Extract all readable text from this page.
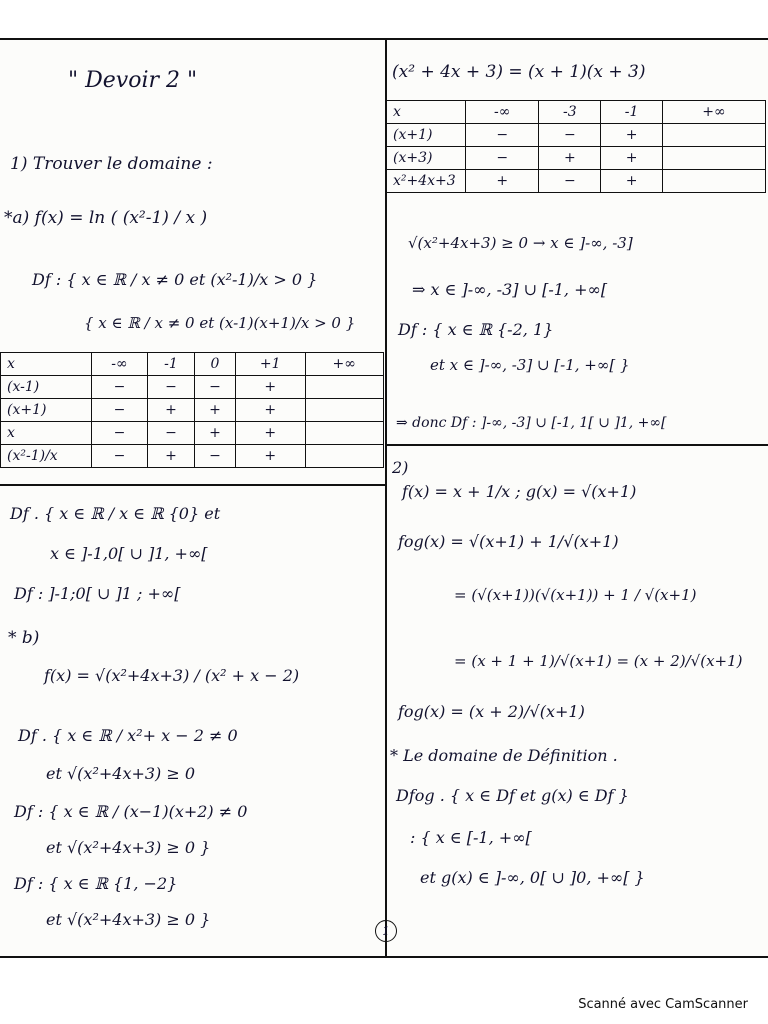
" Devoir 2 "
1) Trouver le domaine :
*a) f(x) = ln ( (x²-1) / x )
Df : { x ∈ ℝ / x ≠ 0 et (x²-1)/x > 0 }
{ x ∈ ℝ / x ≠ 0 et (x-1)(x+1)/x > 0 }
x	-∞	-1	0	+1	+∞
(x-1)	−	−	−	+	
(x+1)	−	+	+	+	
x	−	−	+	+	
(x²-1)/x	−	+	−	+	
Df . { x ∈ ℝ / x ∈ ℝ {0} et
x ∈ ]-1,0[ ∪ ]1, +∞[
Df : ]-1;0[ ∪ ]1 ; +∞[
* b)
f(x) = √(x²+4x+3) / (x² + x − 2)
Df . { x ∈ ℝ / x²+ x − 2 ≠ 0
et √(x²+4x+3) ≥ 0
Df : { x ∈ ℝ / (x−1)(x+2) ≠ 0
et √(x²+4x+3) ≥ 0 }
Df : { x ∈ ℝ {1, −2}
et √(x²+4x+3) ≥ 0 }
(x² + 4x + 3) = (x + 1)(x + 3)
x	-∞	-3	-1	+∞
(x+1)	−	−	+	
(x+3)	−	+	+	
x²+4x+3	+	−	+	
√(x²+4x+3) ≥ 0 → x ∈ ]-∞, -3]
⇒ x ∈ ]-∞, -3] ∪ [-1, +∞[
Df : { x ∈ ℝ {-2, 1}
et x ∈ ]-∞, -3] ∪ [-1, +∞[ }
⇒ donc Df : ]-∞, -3] ∪ [-1, 1[ ∪ ]1, +∞[
2)
f(x) = x + 1/x ; g(x) = √(x+1)
fog(x) = √(x+1) + 1/√(x+1)
= (√(x+1))(√(x+1)) + 1 / √(x+1)
= (x + 1 + 1)/√(x+1) = (x + 2)/√(x+1)
fog(x) = (x + 2)/√(x+1)
* Le domaine de Définition .
Dfog . { x ∈ Df et g(x) ∈ Df }
: { x ∈ [-1, +∞[
et g(x) ∈ ]-∞, 0[ ∪ ]0, +∞[ }
1
Scanné avec CamScanner
